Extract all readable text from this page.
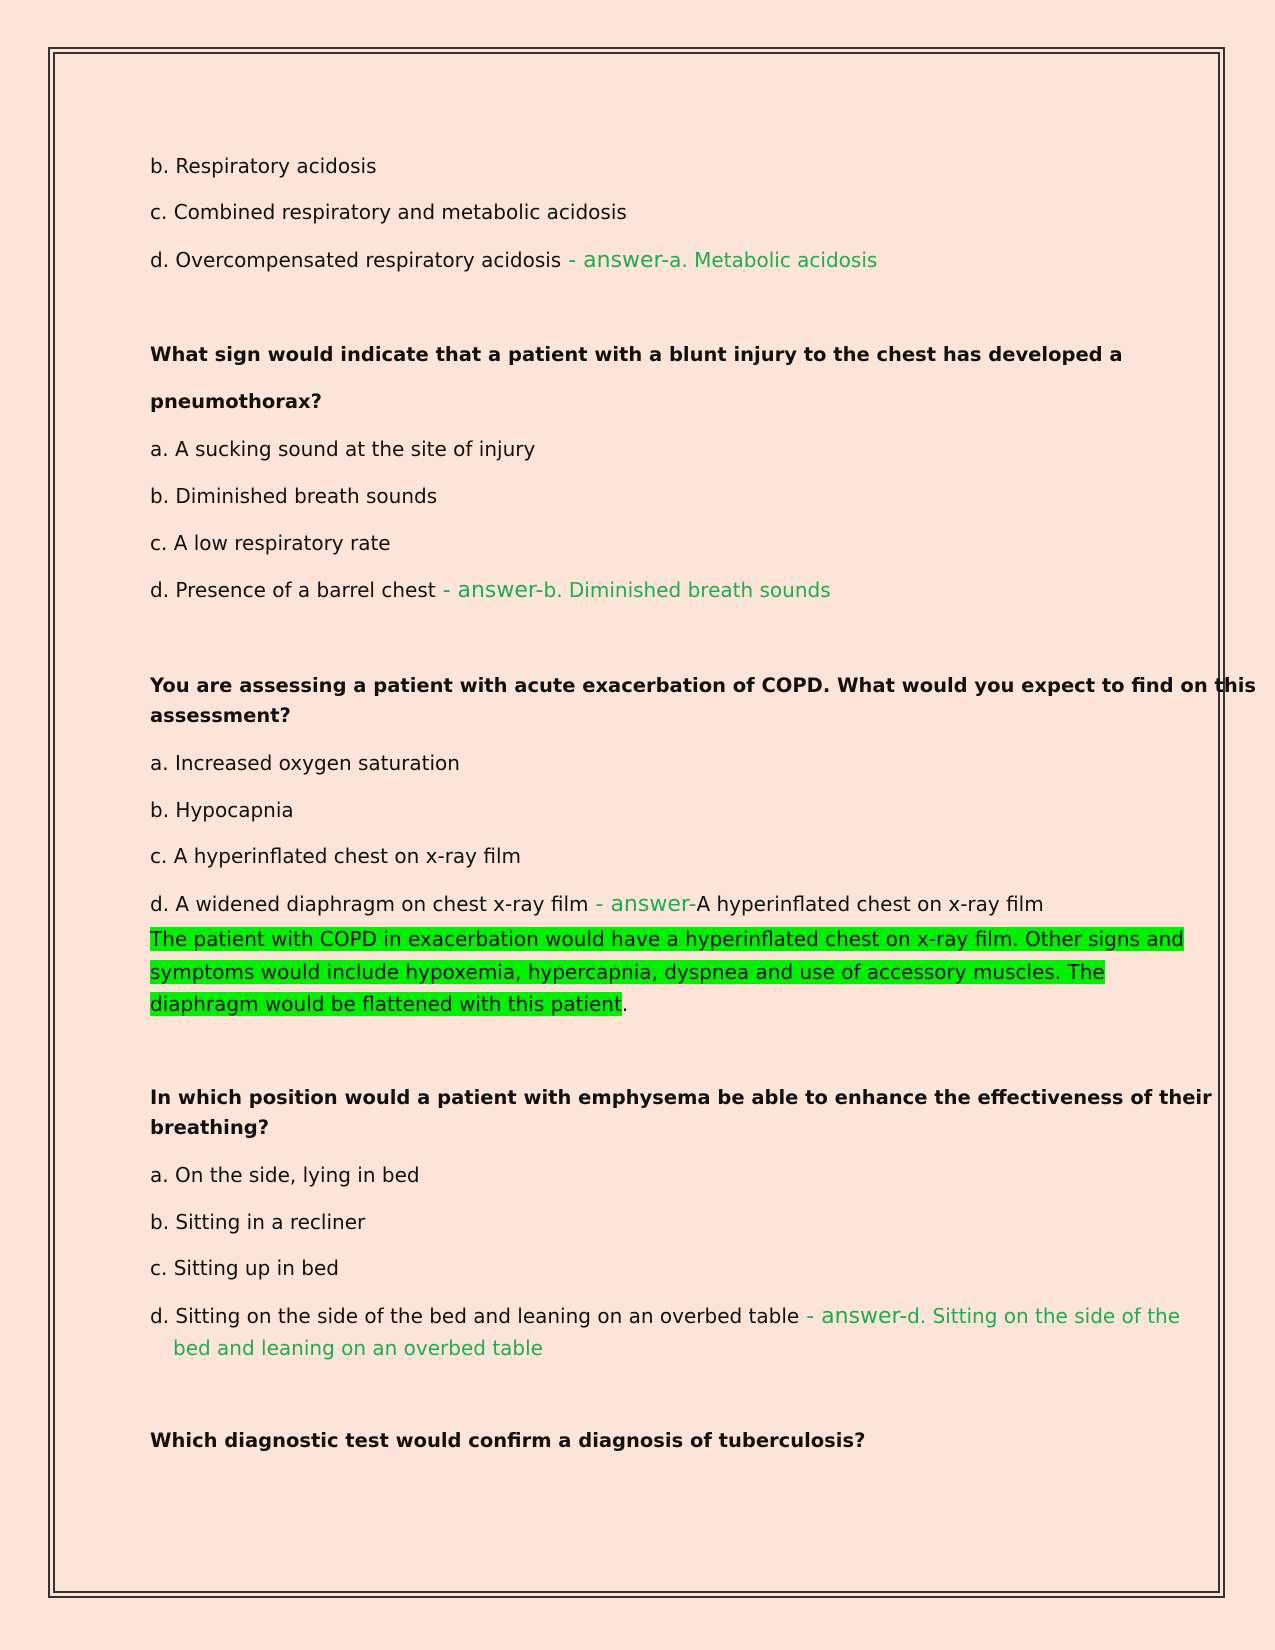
b. Respiratory acidosis
c. Combined respiratory and metabolic acidosis
d. Overcompensated respiratory acidosis - answer-a. Metabolic acidosis
What sign would indicate that a patient with a blunt injury to the chest has developed a
pneumothorax?
a. A sucking sound at the site of injury
b. Diminished breath sounds
c. A low respiratory rate
d. Presence of a barrel chest - answer-b. Diminished breath sounds
You are assessing a patient with acute exacerbation of COPD. What would you expect to find on this
assessment?
a. Increased oxygen saturation
b. Hypocapnia
c. A hyperinflated chest on x-ray film
d. A widened diaphragm on chest x-ray film - answer-A hyperinflated chest on x-ray film
The patient with COPD in exacerbation would have a hyperinflated chest on x-ray film. Other signs and
symptoms would include hypoxemia, hypercapnia, dyspnea and use of accessory muscles. The
diaphragm would be flattened with this patient.
In which position would a patient with emphysema be able to enhance the effectiveness of their
breathing?
a. On the side, lying in bed
b. Sitting in a recliner
c. Sitting up in bed
d. Sitting on the side of the bed and leaning on an overbed table - answer-d. Sitting on the side of the
bed and leaning on an overbed table
Which diagnostic test would confirm a diagnosis of tuberculosis?
